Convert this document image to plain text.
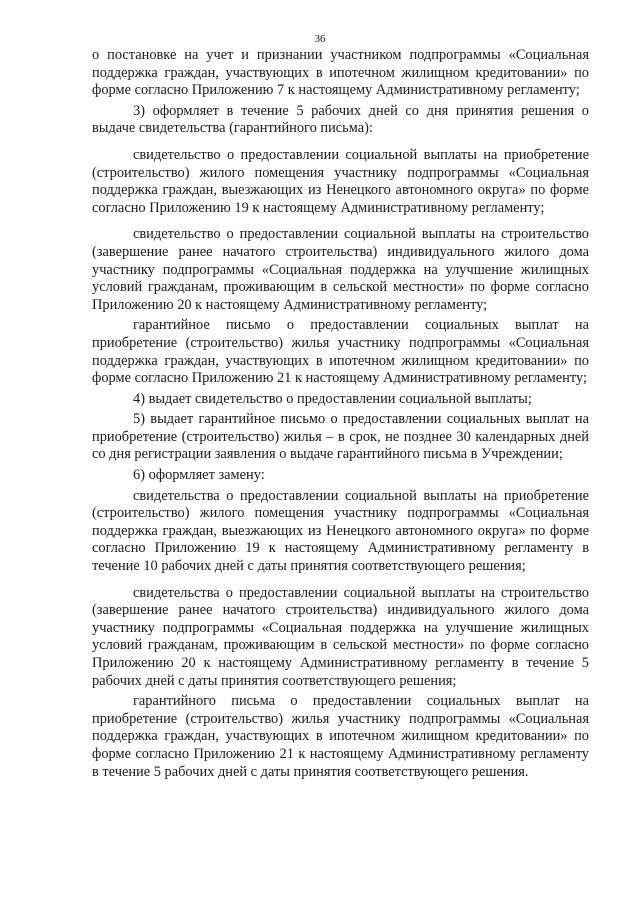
36

о постановке на учет и признании участником подпрограммы «Социальная поддержка граждан, участвующих в ипотечном жилищном кредитовании» по форме согласно Приложению 7 к настоящему Административному регламенту;

3) оформляет в течение 5 рабочих дней со дня принятия решения о выдаче свидетельства (гарантийного письма):

свидетельство о предоставлении социальной выплаты на приобретение (строительство) жилого помещения участнику подпрограммы «Социальная поддержка граждан, выезжающих из Ненецкого автономного округа» по форме согласно Приложению 19 к настоящему Административному регламенту;

свидетельство о предоставлении социальной выплаты на строительство (завершение ранее начатого строительства) индивидуального жилого дома участнику подпрограммы «Социальная поддержка на улучшение жилищных условий гражданам, проживающим в сельской местности» по форме согласно Приложению 20 к настоящему Административному регламенту;

гарантийное письмо о предоставлении социальных выплат на приобретение (строительство) жилья участнику подпрограммы «Социальная поддержка граждан, участвующих в ипотечном жилищном кредитовании» по форме согласно Приложению 21 к настоящему Административному регламенту;

4) выдает свидетельство о предоставлении социальной выплаты;

5) выдает гарантийное письмо о предоставлении социальных выплат на приобретение (строительство) жилья – в срок, не позднее 30 календарных дней со дня регистрации заявления о выдаче гарантийного письма в Учреждении;

6) оформляет замену:

свидетельства о предоставлении социальной выплаты на приобретение (строительство) жилого помещения участнику подпрограммы «Социальная поддержка граждан, выезжающих из Ненецкого автономного округа» по форме согласно Приложению 19 к настоящему Административному регламенту в течение 10 рабочих дней с даты принятия соответствующего решения;

свидетельства о предоставлении социальной выплаты на строительство (завершение ранее начатого строительства) индивидуального жилого дома участнику подпрограммы «Социальная поддержка на улучшение жилищных условий гражданам, проживающим в сельской местности» по форме согласно Приложению 20 к настоящему Административному регламенту в течение 5 рабочих дней с даты принятия соответствующего решения;

гарантийного письма о предоставлении социальных выплат на приобретение (строительство) жилья участнику подпрограммы «Социальная поддержка граждан, участвующих в ипотечном жилищном кредитовании» по форме согласно Приложению 21 к настоящему Административному регламенту в течение 5 рабочих дней с даты принятия соответствующего решения.
